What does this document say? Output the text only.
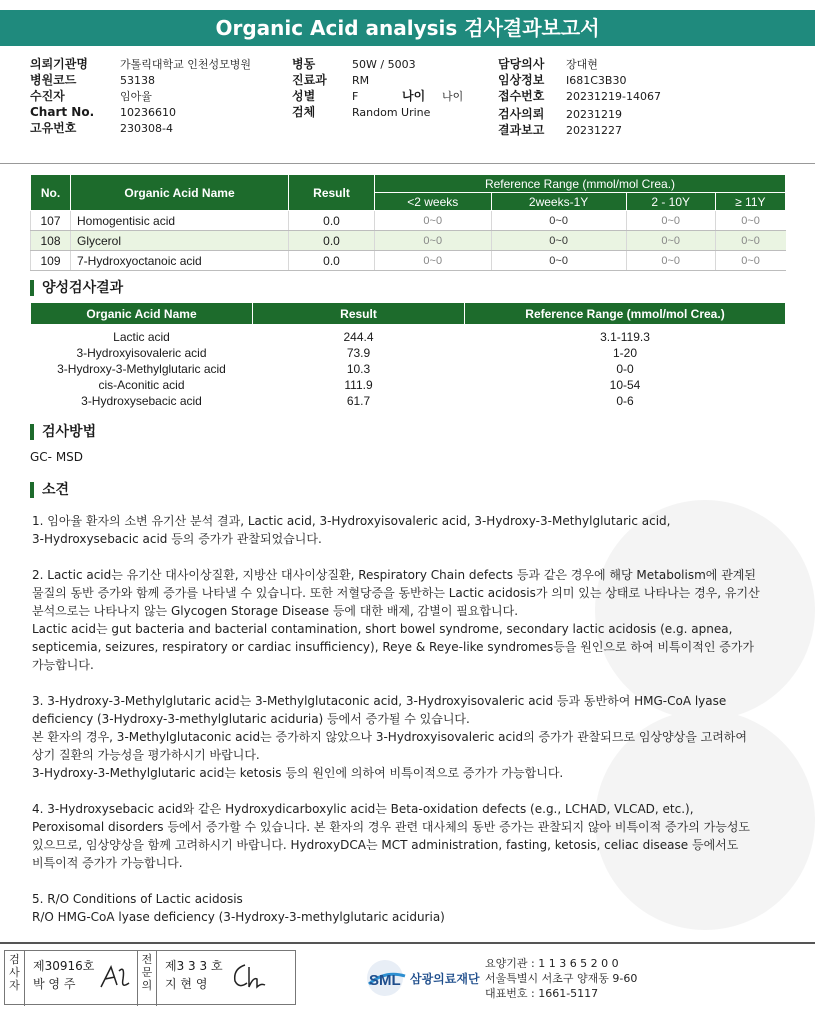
Organic Acid analysis 검사결과보고서
의뢰기관명	가톨릭대학교 인천성모병원
병원코드	53138
수진자	임아율
Chart No. 10236610
고유번호	230308-4
병동	50W / 5003
진료과 RM
성별	F	나이 나이
검체	Random Urine
담당의사 장대현
임상정보 I681C3B30
접수번호 20231219-14067
검사의뢰 20231219
결과보고 20231227
No.	Organic Acid Name	Result	Reference Range (mmol/mol Crea.)			
			<2 weeks	2weeks-1Y	2 - 10Y	≥ 11Y
107	Homogentisic acid	0.0	0~0	0~0	0~0	0~0
108	Glycerol	0.0	0~0	0~0	0~0	0~0
109	7-Hydroxyoctanoic acid	0.0	0~0	0~0	0~0	0~0
양성검사결과
Organic Acid Name	Result	Reference Range (mmol/mol Crea.)

Lactic acid	244.4	3.1-119.3
3-Hydroxyisovaleric acid	73.9	1-20
3-Hydroxy-3-Methylglutaric acid	10.3	0-0
cis-Aconitic acid	111.9	10-54
3-Hydroxysebacic acid	61.7	0-6
검사방법
GC- MSD
소견

1. 임아율 환자의 소변 유기산 분석 결과, Lactic acid, 3-Hydroxyisovaleric acid, 3-Hydroxy-3-Methylglutaric acid,
3-Hydroxysebacic acid 등의 증가가 관찰되었습니다.

2. Lactic acid는 유기산 대사이상질환, 지방산 대사이상질환, Respiratory Chain defects 등과 같은 경우에 해당 Metabolism에 관계된
물질의 동반 증가와 함께 증가를 나타낼 수 있습니다. 또한 저혈당증을 동반하는 Lactic acidosis가 의미 있는 상태로 나타나는 경우, 유기산
분석으로는 나타나지 않는 Glycogen Storage Disease 등에 대한 배제, 감별이 필요합니다.
Lactic acid는 gut bacteria and bacterial contamination, short bowel syndrome, secondary lactic acidosis (e.g. apnea,
septicemia, seizures, respiratory or cardiac insufficiency), Reye & Reye-like syndromes등을 원인으로 하여 비특이적인 증가가
가능합니다.

3. 3-Hydroxy-3-Methylglutaric acid는 3-Methylglutaconic acid, 3-Hydroxyisovaleric acid 등과 동반하여 HMG-CoA lyase
deficiency (3-Hydroxy-3-methylglutaric aciduria) 등에서 증가될 수 있습니다.
본 환자의 경우, 3-Methylglutaconic acid는 증가하지 않았으나 3-Hydroxyisovaleric acid의 증가가 관찰되므로 임상양상을 고려하여
상기 질환의 가능성을 평가하시기 바랍니다.
3-Hydroxy-3-Methylglutaric acid는 ketosis 등의 원인에 의하여 비특이적으로 증가가 가능합니다.

4. 3-Hydroxysebacic acid와 같은 Hydroxydicarboxylic acid는 Beta-oxidation defects (e.g., LCHAD, VLCAD, etc.),
Peroxisomal disorders 등에서 증가할 수 있습니다. 본 환자의 경우 관련 대사체의 동반 증가는 관찰되지 않아 비특이적 증가의 가능성도
있으므로, 임상양상을 함께 고려하시기 바랍니다. HydroxyDCA는 MCT administration, fasting, ketosis, celiac disease 등에서도
비특이적 증가가 가능합니다.

5. R/O Conditions of Lactic acidosis
R/O HMG-CoA lyase deficiency (3-Hydroxy-3-methylglutaric aciduria)

검
사
자
제30916호
박 영 주
전
문
의
제3 3 3 호
지 현 영	SML 삼광의료재단
요양기관 : 1 1 3 6 5 2 0 0
서울특별시 서초구 양재동 9-60
대표번호 : 1661-5117
